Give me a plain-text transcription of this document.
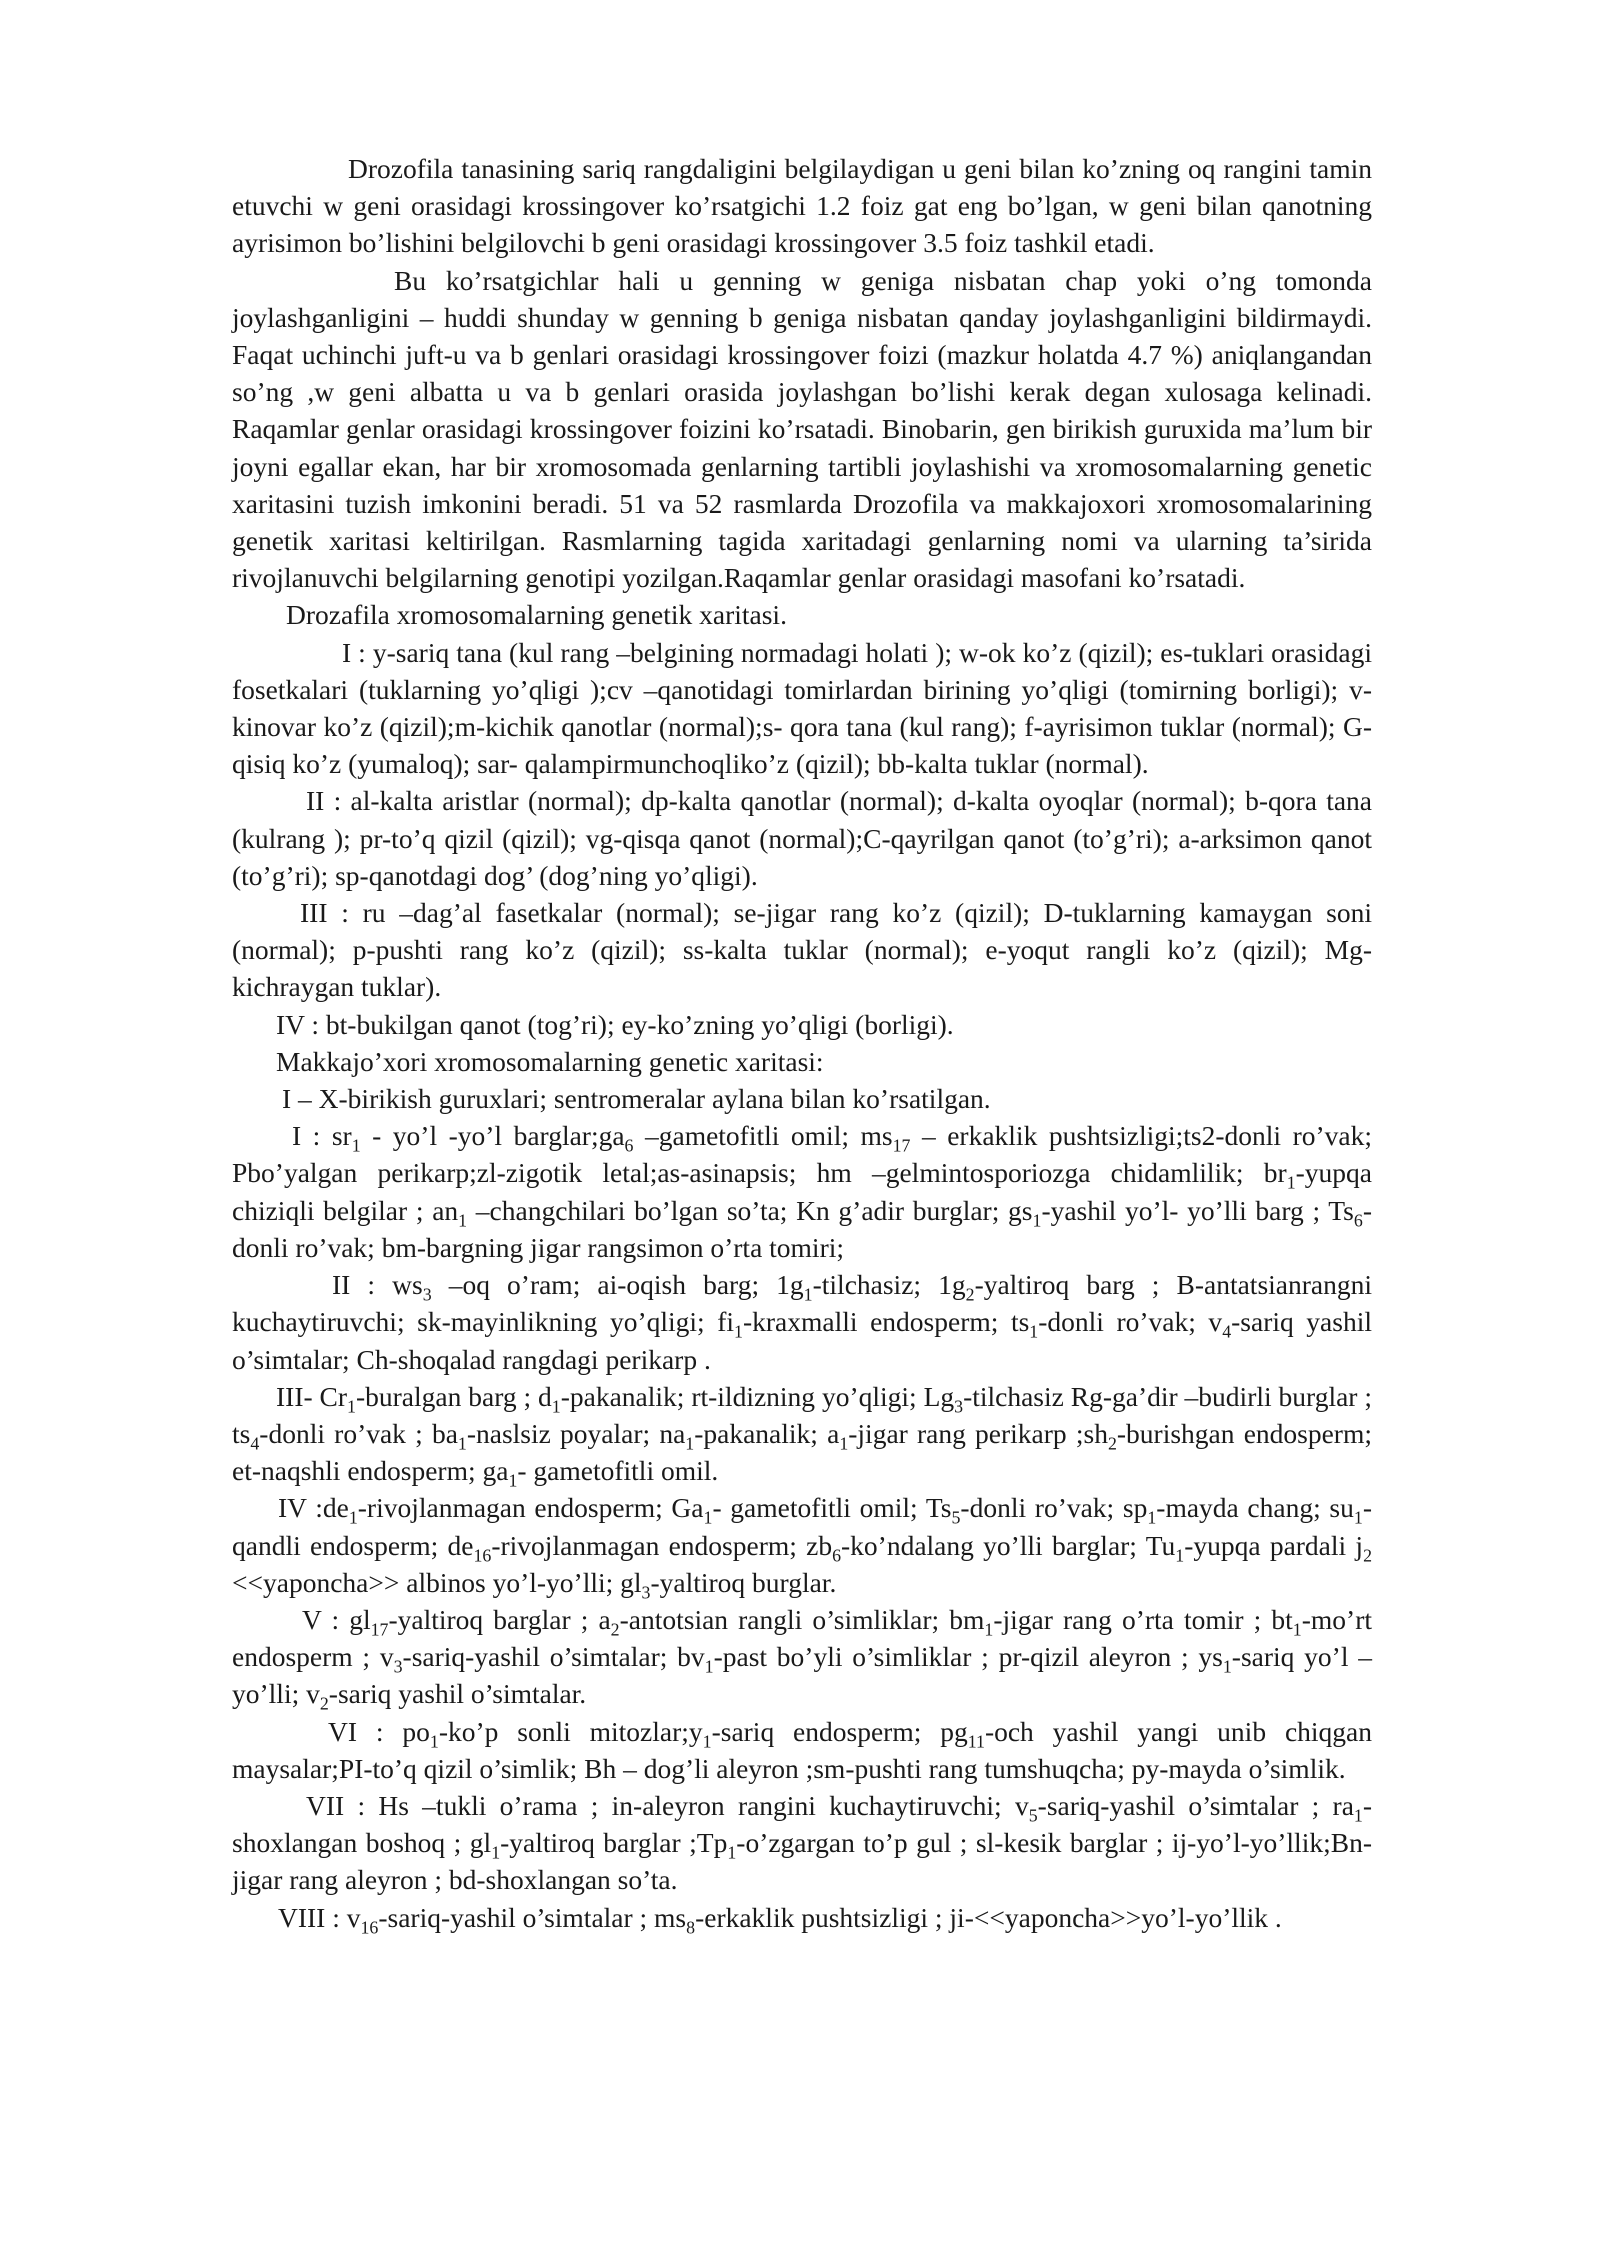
Drozofila tanasining sariq rangdaligini belgilaydigan u geni bilan ko’zning oq rangini tamin etuvchi w geni orasidagi krossingover ko’rsatgichi 1.2 foiz gat eng bo’lgan, w geni bilan qanotning ayrisimon bo’lishini belgilovchi b geni orasidagi krossingover 3.5 foiz tashkil etadi.

Bu ko’rsatgichlar hali u genning w geniga nisbatan chap yoki o’ng tomonda joylashganligini – huddi shunday w genning b geniga nisbatan qanday joylashganligini bildirmaydi. Faqat uchinchi juft-u va b genlari orasidagi krossingover foizi (mazkur holatda 4.7 %) aniqlangandan so’ng ,w geni albatta u va b genlari orasida joylashgan bo’lishi kerak degan xulosaga kelinadi. Raqamlar genlar orasidagi krossingover foizini ko’rsatadi. Binobarin, gen birikish guruxida ma’lum bir joyni egallar ekan, har bir xromosomada genlarning tartibli joylashishi va xromosomalarning genetic xaritasini tuzish imkonini beradi. 51 va 52 rasmlarda Drozofila va makkajoxori xromosomalarining genetik xaritasi keltirilgan. Rasmlarning tagida xaritadagi genlarning nomi va ularning ta’sirida rivojlanuvchi belgilarning genotipi yozilgan.Raqamlar genlar orasidagi masofani ko’rsatadi.

Drozafila xromosomalarning genetik xaritasi.

I : y-sariq tana (kul rang –belgining normadagi holati ); w-ok ko’z (qizil); es-tuklari orasidagi fosetkalari (tuklarning yo’qligi );cv –qanotidagi tomirlardan birining yo’qligi (tomirning borligi); v-kinovar ko’z (qizil);m-kichik qanotlar (normal);s- qora tana (kul rang); f-ayrisimon tuklar (normal); G-qisiq ko’z (yumaloq); sar- qalampirmunchoqliko’z (qizil); bb-kalta tuklar (normal).

II : al-kalta aristlar (normal); dp-kalta qanotlar (normal); d-kalta oyoqlar (normal); b-qora tana (kulrang ); pr-to’q qizil (qizil); vg-qisqa qanot (normal);C-qayrilgan qanot (to’g’ri); a-arksimon qanot (to’g’ri); sp-qanotdagi dog’ (dog’ning yo’qligi).

III : ru –dag’al fasetkalar (normal); se-jigar rang ko’z (qizil); D-tuklarning kamaygan soni (normal); p-pushti rang ko’z (qizil); ss-kalta tuklar (normal); e-yoqut rangli ko’z (qizil); Mg-kichraygan tuklar).

IV : bt-bukilgan qanot (tog’ri); ey-ko’zning yo’qligi (borligi).

Makkajo’xori xromosomalarning genetic xaritasi:

I – X-birikish guruxlari; sentromeralar aylana bilan ko’rsatilgan.

I : $sr_1$ - yo’l -yo’l $barglar;ga_6$ –gametofitli omil; $ms_{17}$ – erkaklik pushtsizligi;ts2-donli ro’vak; Pbo’yalgan perikarp;zl-zigotik letal;as-asinapsis; hm –gelmintosporiozga chidamlilik; $br_1$-yupqa chiziqli belgilar ; $an_1$ –changchilari bo’lgan so’ta; Kn g’adir burglar; $gs_1$-yashil yo’l- yo’lli barg ; $Ts_6$-donli ro’vak; bm-bargning jigar rangsimon o’rta tomiri;

II : $ws_3$ –oq o’ram; ai-oqish barg; $1g_1$-tilchasiz; $1g_2$-yaltiroq barg ; B-antatsianrangni kuchaytiruvchi; sk-mayinlikning yo’qligi; $fi_1$-kraxmalli endosperm; $ts_1$-donli ro’vak; $v_4$-sariq yashil o’simtalar; Ch-shoqalad rangdagi perikarp .

III- $Cr_1$-buralgan barg ; $d_1$-pakanalik; rt-ildizning yo’qligi; $Lg_3$-tilchasiz Rg-ga’dir –budirli burglar ; $ts_4$-donli ro’vak ; $ba_1$-naslsiz poyalar; $na_1$-pakanalik; $a_1$-jigar rang perikarp $;sh_2$-burishgan endosperm; et-naqshli endosperm; $ga_1-$ gametofitli omil.

IV $:de_1$-rivojlanmagan endosperm; $Ga_1-$ gametofitli omil; $Ts_5$-donli ro’vak; $sp_1$-mayda chang; $su_1$-qandli endosperm; $de_{16}$-rivojlanmagan endosperm; $zb_6-ko’ndalang$ yo’lli barglar; $Tu_1$-yupqa pardali $j_2$ <<yaponcha>> albinos yo’l-yo’lli; $gl_3$-yaltiroq burglar.

V : $gl_{17}$-yaltiroq barglar ; $a_2$-antotsian rangli o’simliklar; $bm_1$-jigar rang o’rta tomir ; $bt_1-mo’rt$ endosperm ; $v_3-sariq$-yashil o’simtalar; $bv_1$-past bo’yli o’simliklar ; pr-qizil aleyron ; $ys_1$-sariq yo’l –yo’lli; $v_2$-sariq yashil o’simtalar.

VI : $po_1-ko’p$ sonli $mitozlar;y_1$-sariq endosperm; $pg_{11}$-och yashil yangi unib chiqgan maysalar;PI-to’q qizil o’simlik; Bh – dog’li aleyron ;sm-pushti rang tumshuqcha; py-mayda o’simlik.

VII : Hs –tukli o’rama ; in-aleyron rangini kuchaytiruvchi; $v_5-sariq$-yashil o’simtalar ; $ra_1$-shoxlangan boshoq ; $gl_1$-yaltiroq barglar $;Tp_1-o’zgargan$ to’p gul ; sl-kesik barglar ; ij-yo’l-yo’llik;Bn-jigar rang aleyron ; bd-shoxlangan so’ta.

VIII : $v_{16}-sariq$-yashil o’simtalar ; $ms_8$-erkaklik pushtsizligi ; ji-<<yaponcha>>yo’l-yo’llik .
